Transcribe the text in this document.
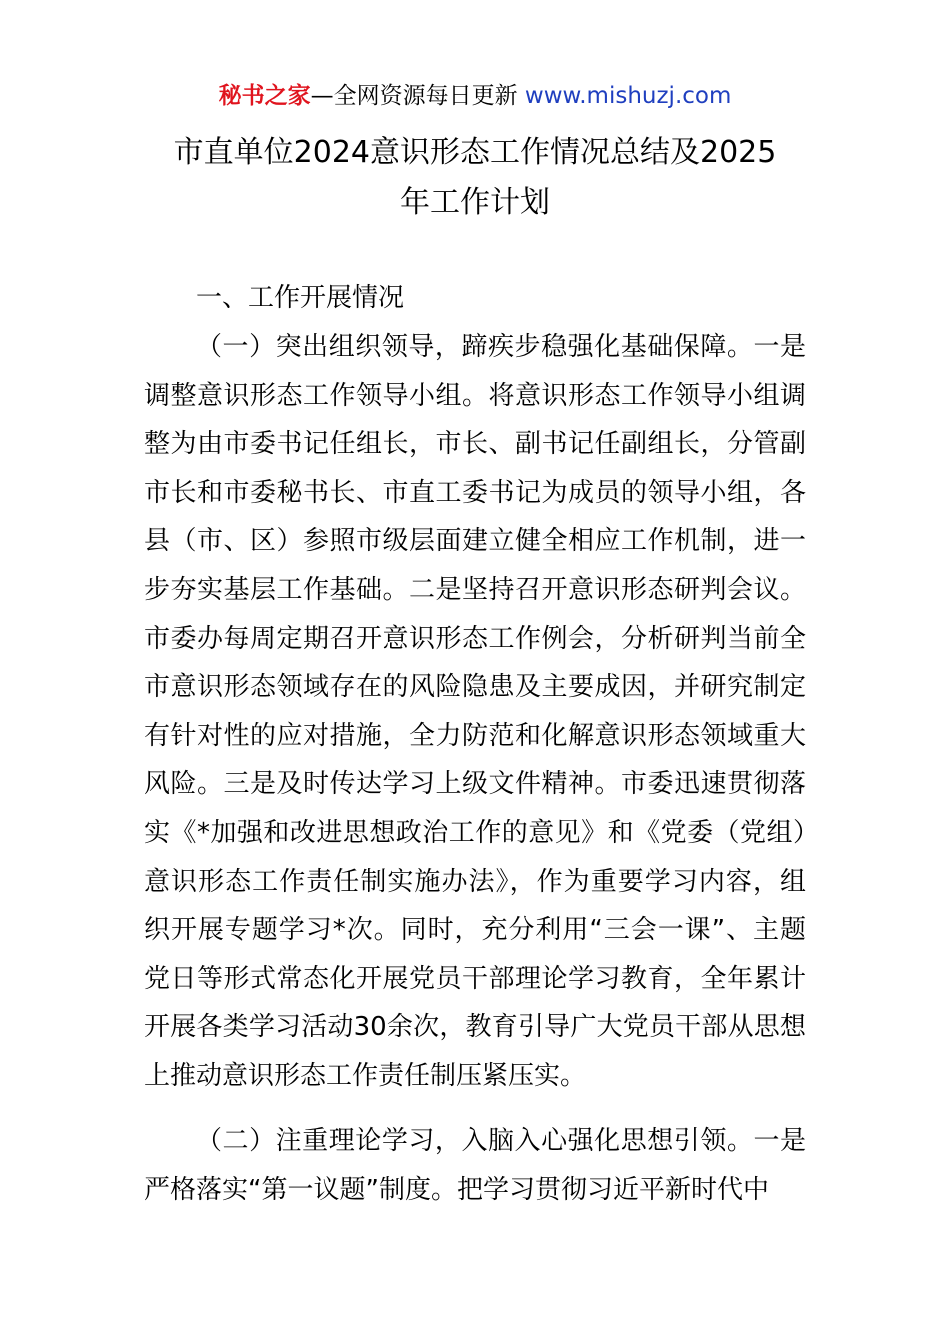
秘书之家—全网资源每日更新 www.mishuzj.com
市直单位2024意识形态工作情况总结及2025
年工作计划
一、工作开展情况

（一）突出组织领导，蹄疾步稳强化基础保障。一是调整意识形态工作领导小组。将意识形态工作领导小组调整为由市委书记任组长，市长、副书记任副组长，分管副市长和市委秘书长、市直工委书记为成员的领导小组，各县（市、区）参照市级层面建立健全相应工作机制，进一步夯实基层工作基础。二是坚持召开意识形态研判会议。市委办每周定期召开意识形态工作例会，分析研判当前全市意识形态领域存在的风险隐患及主要成因，并研究制定有针对性的应对措施，全力防范和化解意识形态领域重大风险。三是及时传达学习上级文件精神。市委迅速贯彻落实《*加强和改进思想政治工作的意见》和《党委（党组）意识形态工作责任制实施办法》，作为重要学习内容，组织开展专题学习*次。同时，充分利用“三会一课”、主题党日等形式常态化开展党员干部理论学习教育，全年累计开展各类学习活动30余次，教育引导广大党员干部从思想上推动意识形态工作责任制压紧压实。

（二）注重理论学习，入脑入心强化思想引领。一是严格落实“第一议题”制度。把学习贯彻习近平新时代中
